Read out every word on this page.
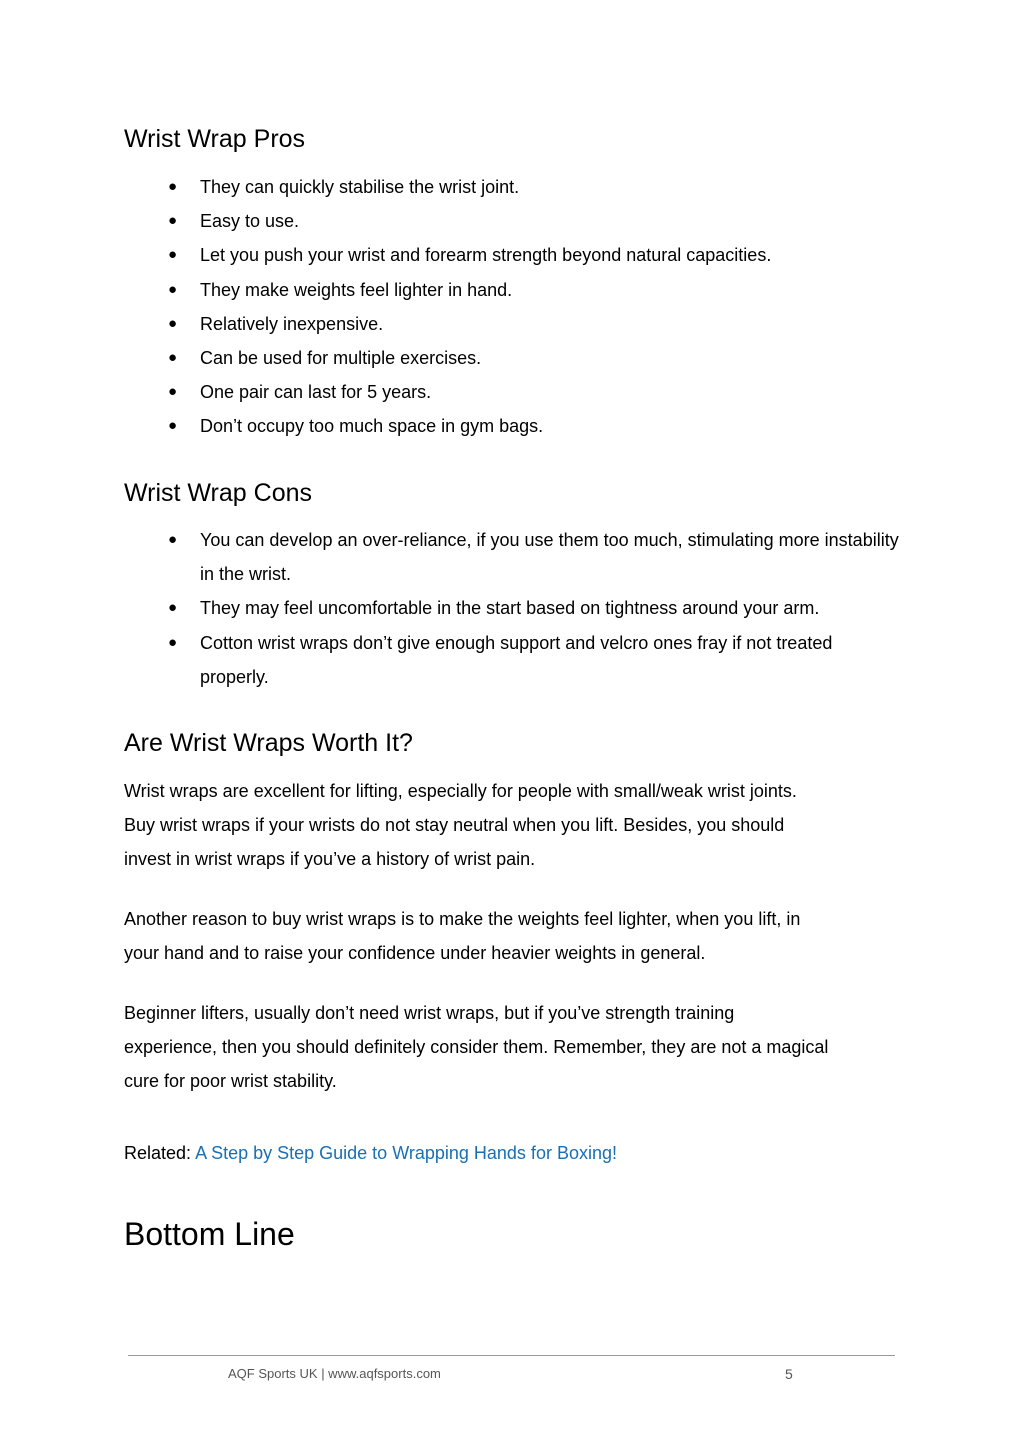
Wrist Wrap Pros
● They can quickly stabilise the wrist joint.
● Easy to use.
● Let you push your wrist and forearm strength beyond natural capacities.
● They make weights feel lighter in hand.
● Relatively inexpensive.
● Can be used for multiple exercises.
● One pair can last for 5 years.
● Don’t occupy too much space in gym bags.
Wrist Wrap Cons
● You can develop an over-reliance, if you use them too much, stimulating more instability in the wrist.
● They may feel uncomfortable in the start based on tightness around your arm.
● Cotton wrist wraps don’t give enough support and velcro ones fray if not treated properly.
Are Wrist Wraps Worth It?

Wrist wraps are excellent for lifting, especially for people with small/weak wrist joints.
Buy wrist wraps if your wrists do not stay neutral when you lift. Besides, you should
invest in wrist wraps if you’ve a history of wrist pain.

Another reason to buy wrist wraps is to make the weights feel lighter, when you lift, in
your hand and to raise your confidence under heavier weights in general.

Beginner lifters, usually don’t need wrist wraps, but if you’ve strength training
experience, then you should definitely consider them. Remember, they are not a magical
cure for poor wrist stability.

Related: A Step by Step Guide to Wrapping Hands for Boxing!

Bottom Line
AQF Sports UK | www.aqfsports.com	5
